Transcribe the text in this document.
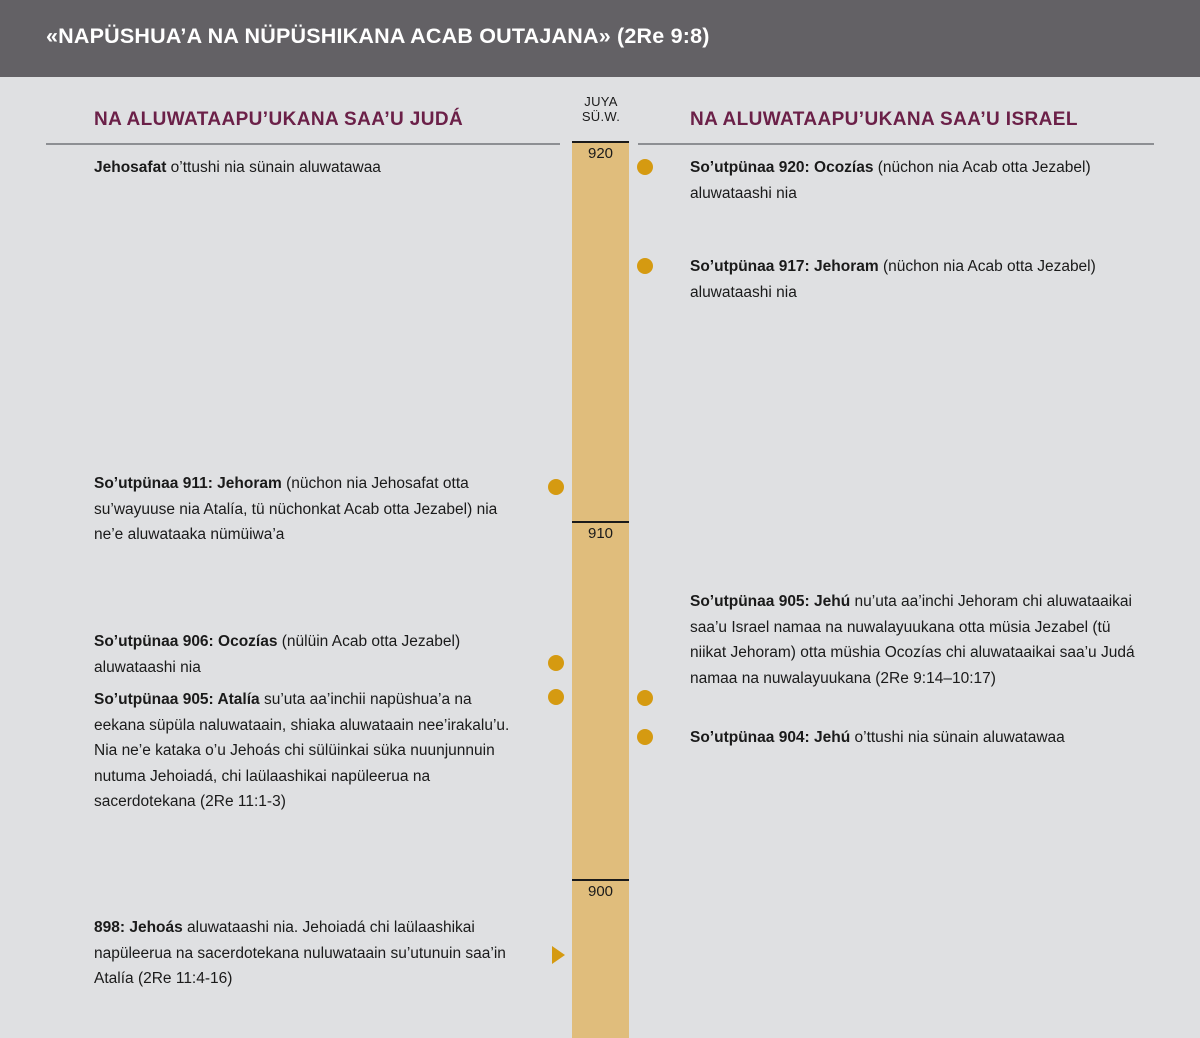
«NAPÜSHUA’A NA NÜPÜSHIKANA ACAB OUTAJANA» (2Re 9:8)
JUYA
SÜ.W.
NA ALUWATAAPU’UKANA SAA’U JUDÁ	NA ALUWATAAPU’UKANA SAA’U ISRAEL
920
910
900
Jehosafat o’ttushi nia sünain aluwatawaa
So’utpünaa 911: Jehoram (nüchon nia Jehosafat otta su’wayuuse nia Atalía, tü nüchonkat Acab otta Jezabel) nia ne’e aluwataaka nümüiwa’a
So’utpünaa 906: Ocozías (nülüin Acab otta Jezabel) aluwataashi nia
So’utpünaa 905: Atalía su’uta aa’inchii napüshua’a na eekana süpüla naluwataain, shiaka aluwataain nee’irakalu’u. Nia ne’e kataka o’u Jehoás chi sülüinkai süka nuunjunnuin nutuma Jehoiadá, chi laülaashikai napüleerua na sacerdotekana (2Re 11:1-3)
898: Jehoás aluwataashi nia. Jehoiadá chi laülaashikai napüleerua na sacerdotekana nuluwataain su’utunuin saa’in Atalía (2Re 11:4-16)
So’utpünaa 920: Ocozías (nüchon nia Acab otta Jezabel) aluwataashi nia
So’utpünaa 917: Jehoram (nüchon nia Acab otta Jezabel) aluwataashi nia
So’utpünaa 905: Jehú nu’uta aa’inchi Jehoram chi aluwataaikai saa’u Israel namaa na nuwalayuukana otta müsia Jezabel (tü niikat Jehoram) otta müshia Ocozías chi aluwataaikai saa’u Judá namaa na nuwalayuukana (2Re 9:14–10:17)
So’utpünaa 904: Jehú o’ttushi nia sünain aluwatawaa
